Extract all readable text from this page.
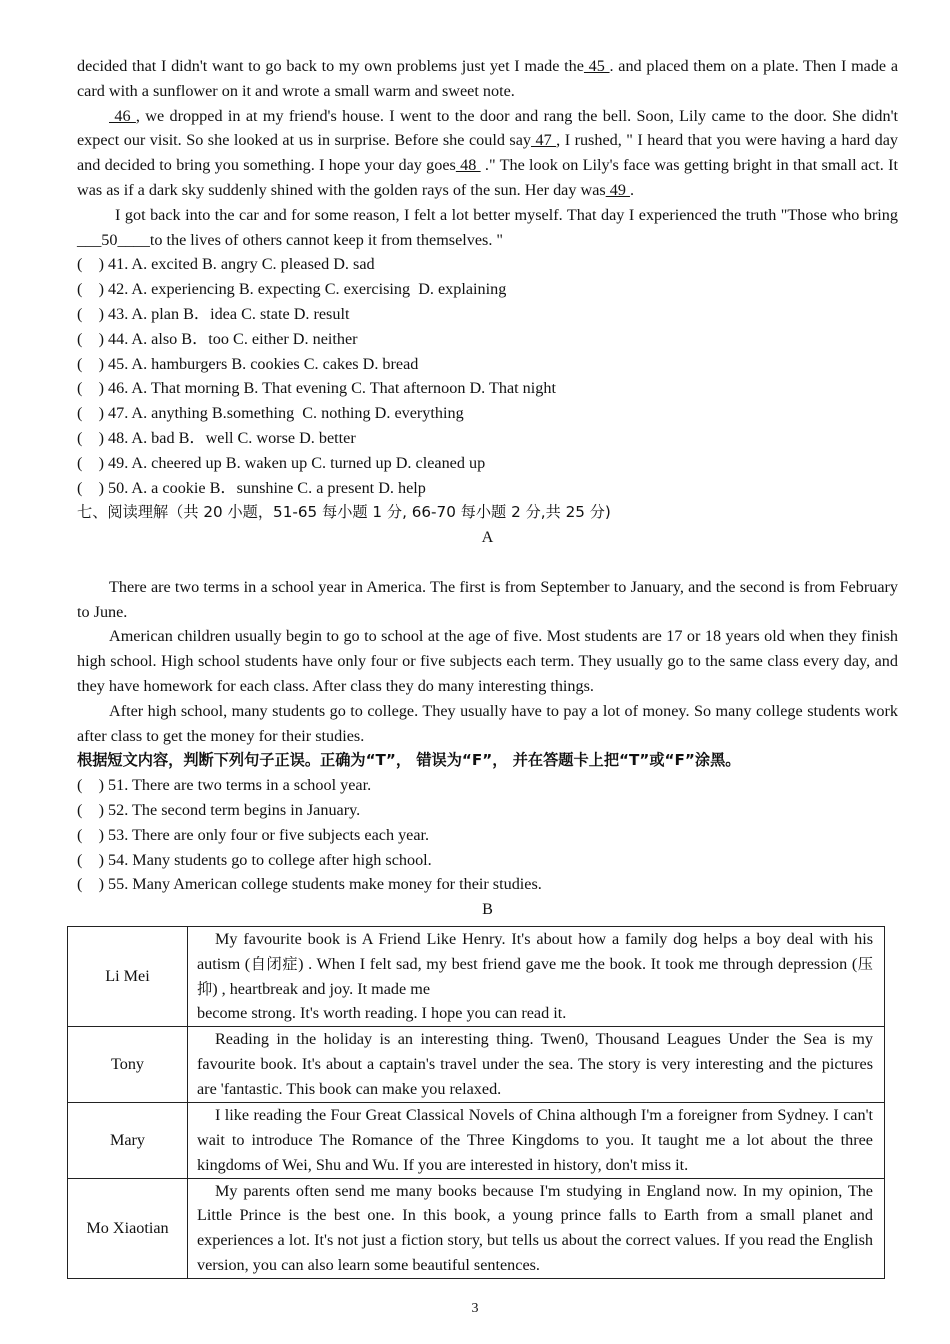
decided that I didn't want to go back to my own problems just yet I made the 45 . and placed them on a plate. Then I made a card with a sunflower on it and wrote a small warm and sweet note.

46 , we dropped in at my friend's house. I went to the door and rang the bell. Soon, Lily came to the door. She didn't expect our visit. So she looked at us in surprise. Before she could say 47 , I rushed, " I heard that you were having a hard day and decided to bring you something. I hope your day goes 48  ." The look on Lily's face was getting bright in that small act. It was as if a dark sky suddenly shined with the golden rays of the sun. Her day was 49 .

I got back into the car and for some reason, I felt a lot better myself. That day I experienced the truth "Those who bring ___50____to the lives of others cannot keep it from themselves. "

(    ) 41. A. excited B. angry C. pleased D. sad

(    ) 42. A. experiencing B. expecting C. exercising  D. explaining

(    ) 43. A. plan B．idea C. state D. result

(    ) 44. A. also B．too C. either D. neither

(    ) 45. A. hamburgers B. cookies C. cakes D. bread

(    ) 46. A. That morning B. That evening C. That afternoon D. That night

(    ) 47. A. anything B.something  C. nothing D. everything

(    ) 48. A. bad B．well C. worse D. better

(    ) 49. A. cheered up B. waken up C. turned up D. cleaned up

(    ) 50. A. a cookie B．sunshine C. a present D. help

七、阅读理解（共 20 小题，51-65 每小题 1 分, 66-70 每小题 2 分,共 25 分)

A

There are two terms in a school year in America. The first is from September to January, and the second is from February to June.

American children usually begin to go to school at the age of five. Most students are 17 or 18 years old when they finish high school. High school students have only four or five subjects each term. They usually go to the same class every day, and they have homework for each class. After class they do many interesting things.

After high school, many students go to college. They usually have to pay a lot of money. So many college students work after class to get the money for their studies.

根据短文内容，判断下列句子正误。正确为“T”， 错误为“F”， 并在答题卡上把“T”或“F”涂黑。

(    ) 51. There are two terms in a school year.

(    ) 52. The second term begins in January.

(    ) 53. There are only four or five subjects each year.

(    ) 54. Many students go to college after high school.

(    ) 55. Many American college students make money for their studies.

B

Li Mei	My favourite book is A Friend Like Henry. It's about how a family dog helps a boy deal with his autism (自闭症) . When I felt sad, my best friend gave me the book. It took me through depression (压抑) , heartbreak and joy. It made me

become strong. It's worth reading. I hope you can read it.

Tony	Reading in the holiday is an interesting thing. Twen0, Thousand Leagues Under the Sea is my favourite book. It's about a captain's travel under the sea. The story is very interesting and the pictures are 'fantastic. This book can make you relaxed.

Mary	I like reading the Four Great Classical Novels of China although I'm a foreigner from Sydney. I can't wait to introduce The Romance of the Three Kingdoms to you. It taught me a lot about the three kingdoms of Wei, Shu and Wu. If you are interested in history, don't miss it.

Mo Xiaotian	My parents often send me many books because I'm studying in England now. In my opinion, The Little Prince is the best one. In this book, a young prince falls to Earth from a small planet and experiences a lot. It's not just a fiction story, but tells us about the correct values. If you read the English version, you can also learn some beautiful sentences.

3
